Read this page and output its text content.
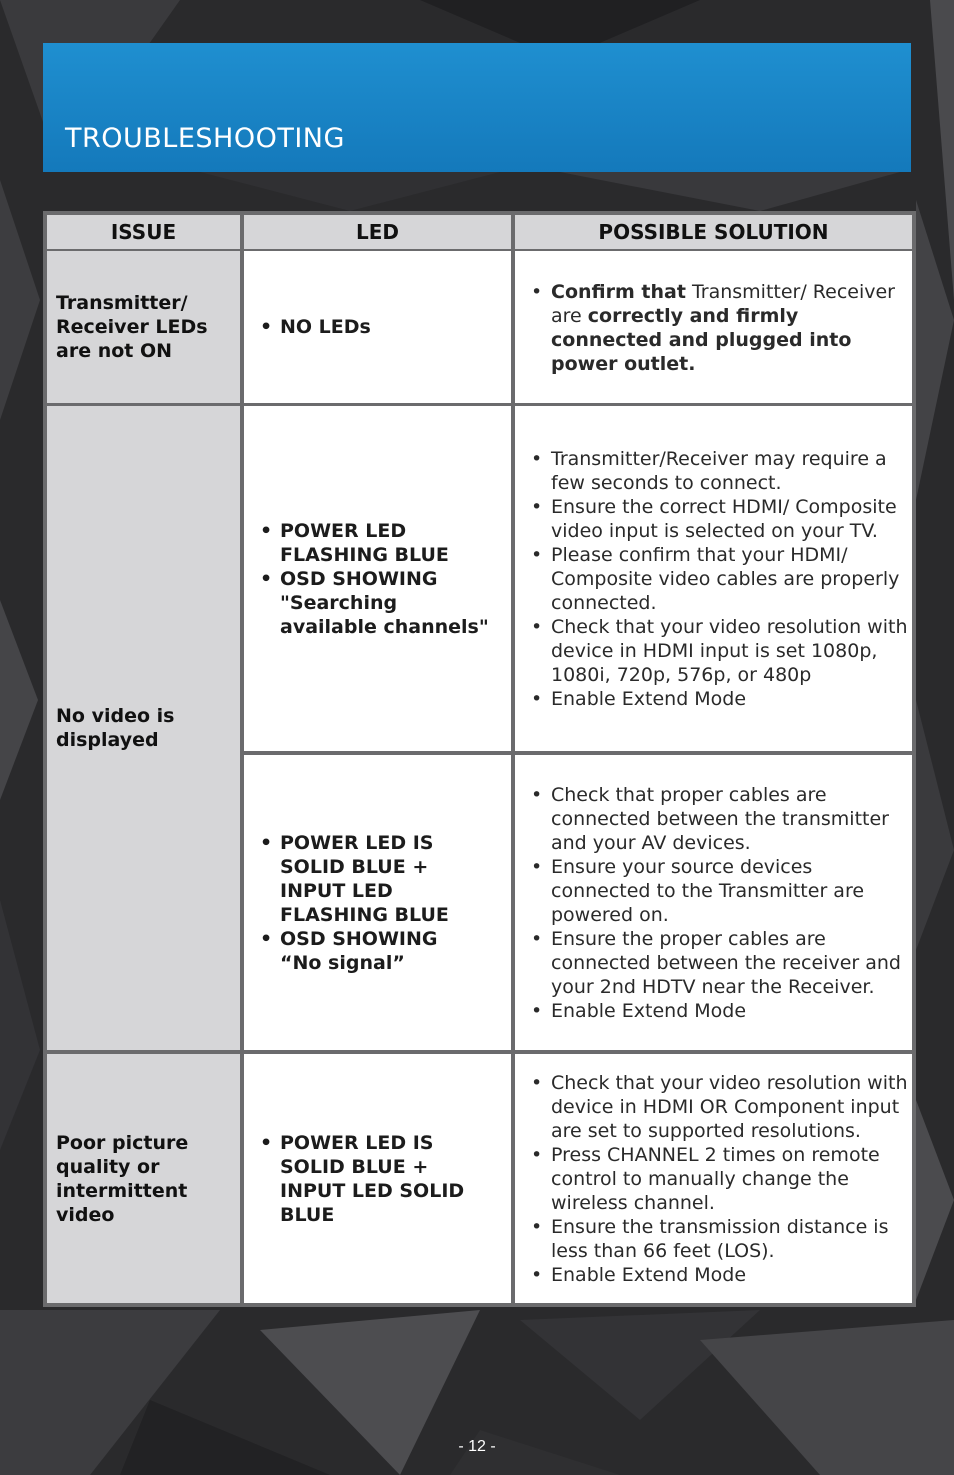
TROUBLESHOOTING
ISSUE	LED	POSSIBLE SOLUTION
Transmitter/ Receiver LEDs are not ON
• NO LEDs
• Confirm that Transmitter/ Receiver are correctly and firmly connected and plugged into power outlet.
No video is displayed
• POWER LED FLASHING BLUE
• OSD SHOWING "Searching available channels"
• Transmitter/Receiver may require a few seconds to connect.
• Ensure the correct HDMI/ Composite video input is selected on your TV.
• Please confirm that your HDMI/ Composite video cables are properly connected.
• Check that your video resolution with device in HDMI input is set 1080p, 1080i, 720p, 576p, or 480p
• Enable Extend Mode
• POWER LED IS SOLID BLUE + INPUT LED FLASHING BLUE
• OSD SHOWING “No signal”
• Check that proper cables are connected between the transmitter and your AV devices.
• Ensure your source devices connected to the Transmitter are powered on.
• Ensure the proper cables are connected between the receiver and your 2nd HDTV near the Receiver.
• Enable Extend Mode
Poor picture quality or intermittent video
• POWER LED IS SOLID BLUE + INPUT LED SOLID BLUE
• Check that your video resolution with device in HDMI OR Component input are set to supported resolutions.
• Press CHANNEL 2 times on remote control to manually change the wireless channel.
• Ensure the transmission distance is less than 66 feet (LOS).
• Enable Extend Mode
- 12 -
